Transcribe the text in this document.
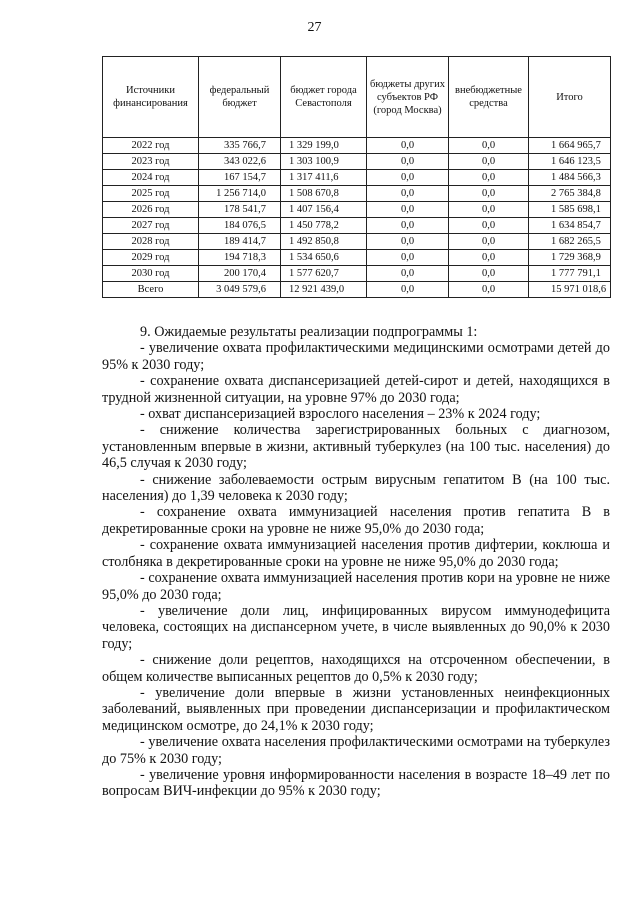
27
Источники финансирования	федеральный бюджет	бюджет города Севастополя	бюджеты других субъектов РФ (город Москва)	внебюджетные средства	Итого
2022 год	335 766,7	1 329 199,0	0,0	0,0	1 664 965,7
2023 год	343 022,6	1 303 100,9	0,0	0,0	1 646 123,5
2024 год	167 154,7	1 317 411,6	0,0	0,0	1 484 566,3
2025 год	1 256 714,0	1 508 670,8	0,0	0,0	2 765 384,8
2026 год	178 541,7	1 407 156,4	0,0	0,0	1 585 698,1
2027 год	184 076,5	1 450 778,2	0,0	0,0	1 634 854,7
2028 год	189 414,7	1 492 850,8	0,0	0,0	1 682 265,5
2029 год	194 718,3	1 534 650,6	0,0	0,0	1 729 368,9
2030 год	200 170,4	1 577 620,7	0,0	0,0	1 777 791,1
Всего	3 049 579,6	12 921 439,0	0,0	0,0	15 971 018,6

9. Ожидаемые результаты реализации подпрограммы 1:

- увеличение охвата профилактическими медицинскими осмотрами детей до 95% к 2030 году;

- сохранение охвата диспансеризацией детей-сирот и детей, находящихся в трудной жизненной ситуации, на уровне 97% до 2030 года;

- охват диспансеризацией взрослого населения – 23% к 2024 году;

- снижение количества зарегистрированных больных с диагнозом, установленным впервые в жизни, активный туберкулез (на 100 тыс. населения) до 46,5 случая к 2030 году;

- снижение заболеваемости острым вирусным гепатитом В (на 100 тыс. населения) до 1,39 человека к 2030 году;

- сохранение охвата иммунизацией населения против гепатита В в декретированные сроки на уровне не ниже 95,0% до 2030 года;

- сохранение охвата иммунизацией населения против дифтерии, коклюша и столбняка в декретированные сроки на уровне не ниже 95,0% до 2030 года;

- сохранение охвата иммунизацией населения против кори на уровне не ниже 95,0% до 2030 года;

- увеличение доли лиц, инфицированных вирусом иммунодефицита человека, состоящих на диспансерном учете, в числе выявленных до 90,0% к 2030 году;

- снижение доли рецептов, находящихся на отсроченном обеспечении, в общем количестве выписанных рецептов до 0,5% к 2030 году;

- увеличение доли впервые в жизни установленных неинфекционных заболеваний, выявленных при проведении диспансеризации и профилактическом медицинском осмотре, до 24,1% к 2030 году;

- увеличение охвата населения профилактическими осмотрами на туберкулез до 75% к 2030 году;

- увеличение уровня информированности населения в возрасте 18–49 лет по вопросам ВИЧ-инфекции до 95% к 2030 году;
